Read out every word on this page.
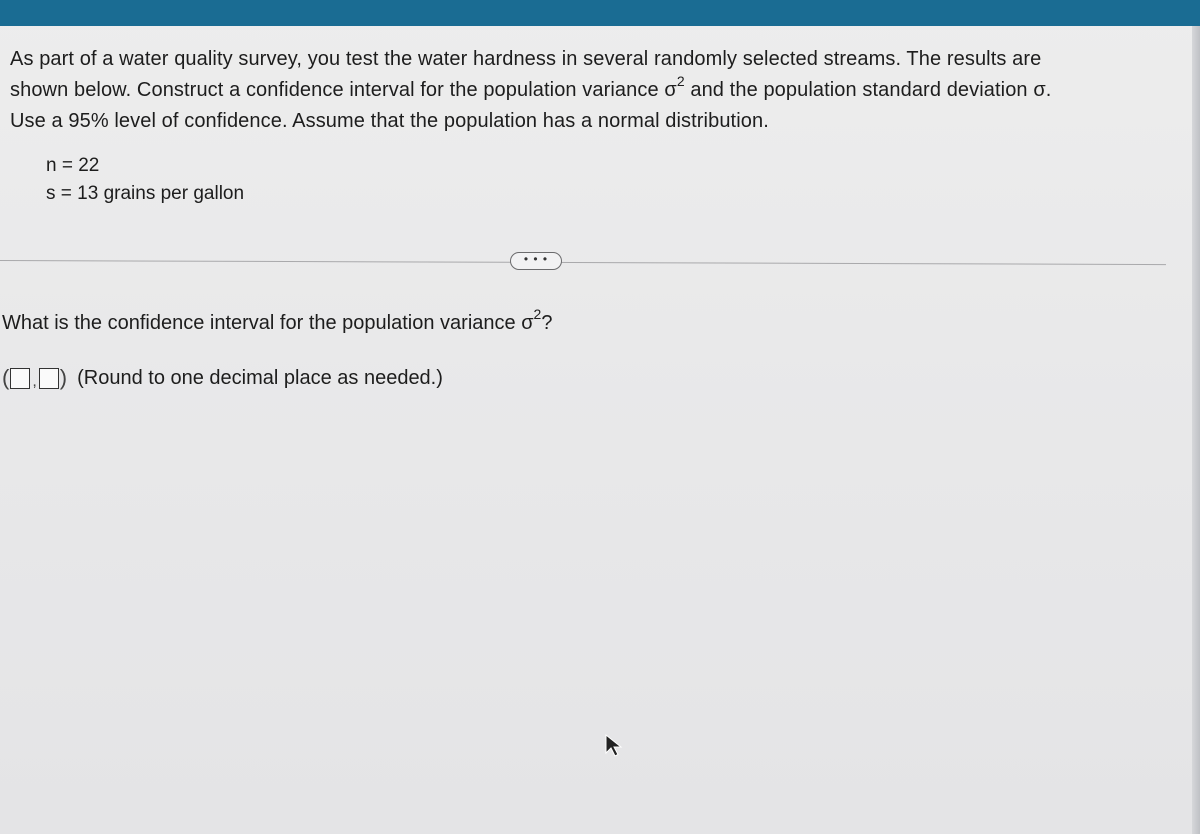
As part of a water quality survey, you test the water hardness in several randomly selected streams. The results are
shown below. Construct a confidence interval for the population variance $\sigma^2$ and the population standard deviation σ.
Use a 95% level of confidence. Assume that the population has a normal distribution.
n = 22
s = 13 grains per gallon
• • •
What is the confidence interval for the population variance $\sigma^2$?
( , ) (Round to one decimal place as needed.)
